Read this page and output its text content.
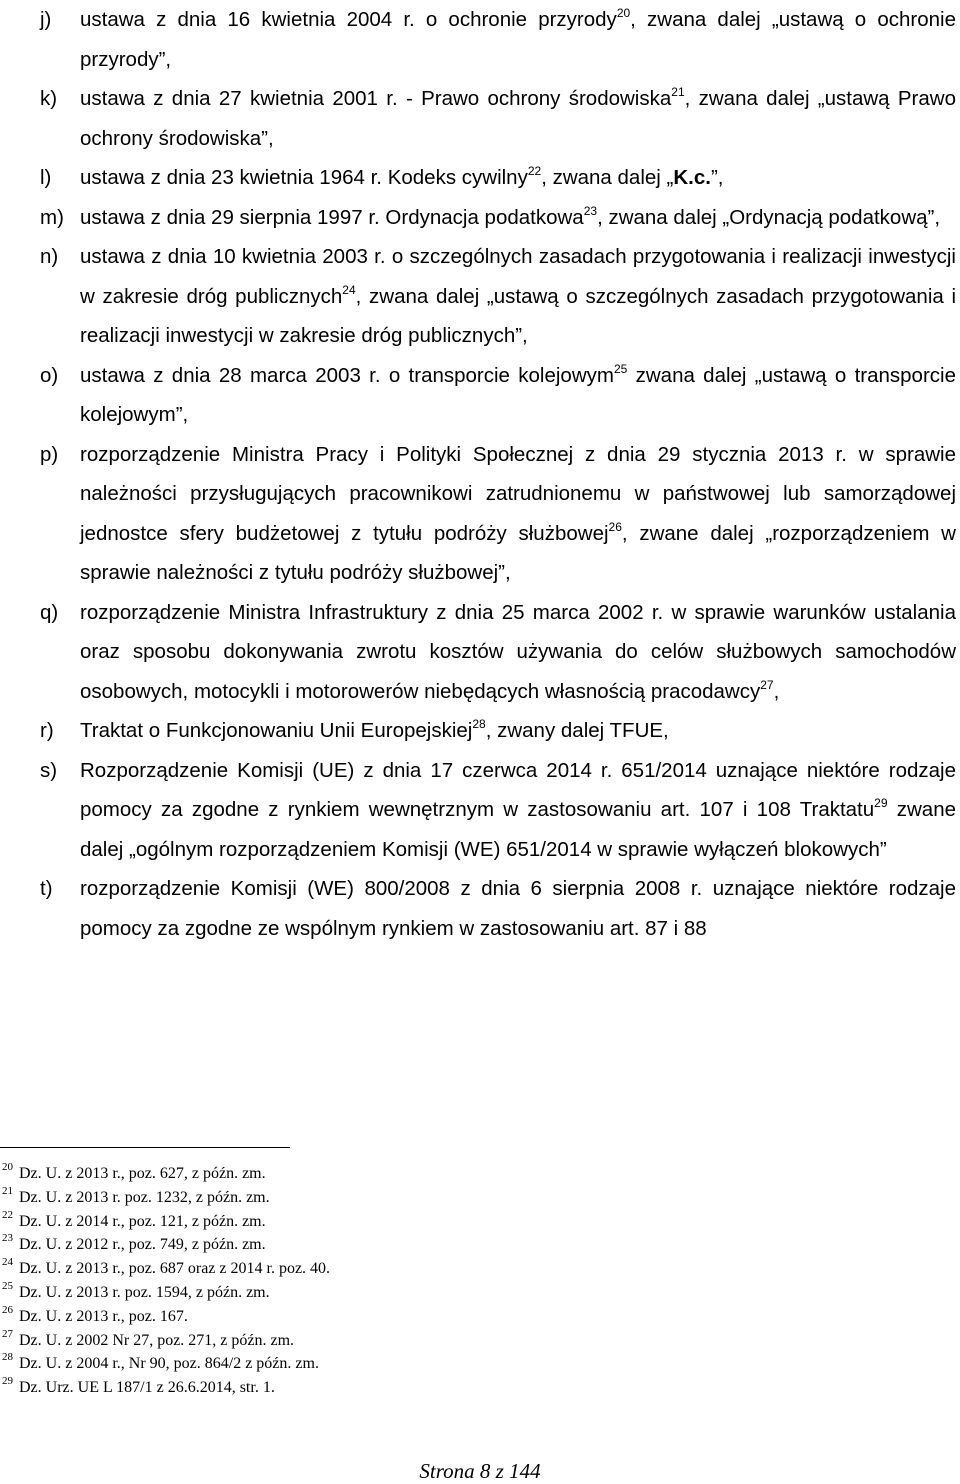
j)	ustawa z dnia 16 kwietnia 2004 r. o ochronie przyrody$^{20}$, zwana dalej „ustawą o ochronie przyrody”,
k)	ustawa z dnia 27 kwietnia 2001 r. - Prawo ochrony środowiska$^{21}$, zwana dalej „ustawą Prawo ochrony środowiska”,
l)	ustawa z dnia 23 kwietnia 1964 r. Kodeks cywilny$^{22}$, zwana dalej „K.c.”,
m) ustawa z dnia 29 sierpnia 1997 r. Ordynacja podatkowa$^{23}$, zwana dalej „Ordynacją podatkową”,
n)	ustawa z dnia 10 kwietnia 2003 r. o szczególnych zasadach przygotowania i realizacji inwestycji w zakresie dróg publicznych$^{24}$, zwana dalej „ustawą o szczególnych zasadach przygotowania i realizacji inwestycji w zakresie dróg publicznych”,
o)	ustawa z dnia 28 marca 2003 r. o transporcie kolejowym$^{25}$ zwana dalej „ustawą o transporcie kolejowym”,
p)	rozporządzenie Ministra Pracy i Polityki Społecznej z dnia 29 stycznia 2013 r. w sprawie należności przysługujących pracownikowi zatrudnionemu w państwowej lub samorządowej jednostce sfery budżetowej z tytułu podróży służbowej$^{26}$, zwane dalej „rozporządzeniem w sprawie należności z tytułu podróży służbowej”,
q)	rozporządzenie Ministra Infrastruktury z dnia 25 marca 2002 r. w sprawie warunków ustalania oraz sposobu dokonywania zwrotu kosztów używania do celów służbowych samochodów osobowych, motocykli i motorowerów niebędących własnością pracodawcy$^{27}$,
r)	Traktat o Funkcjonowaniu Unii Europejskiej$^{28}$, zwany dalej TFUE,
s)	Rozporządzenie Komisji (UE) z dnia 17 czerwca 2014 r. 651/2014 uznające niektóre rodzaje pomocy za zgodne z rynkiem wewnętrznym w zastosowaniu art. 107 i 108 Traktatu$^{29}$ zwane dalej „ogólnym rozporządzeniem Komisji (WE) 651/2014 w sprawie wyłączeń blokowych”
t)	rozporządzenie Komisji (WE) 800/2008 z dnia 6 sierpnia 2008 r. uznające niektóre rodzaje pomocy za zgodne ze wspólnym rynkiem w zastosowaniu art. 87 i 88
$^{20}$ Dz. U. z 2013 r., poz. 627, z późn. zm.
$^{21}$ Dz. U. z 2013 r. poz. 1232, z późn. zm.
$^{22}$ Dz. U. z 2014 r., poz. 121, z późn. zm.
$^{23}$ Dz. U. z 2012 r., poz. 749, z późn. zm.
$^{24}$ Dz. U. z 2013 r., poz. 687 oraz z 2014 r. poz. 40.
$^{25}$ Dz. U. z 2013 r. poz. 1594, z późn. zm.
$^{26}$ Dz. U. z 2013 r., poz. 167.
$^{27}$ Dz. U. z 2002 Nr 27, poz. 271, z późn. zm.
$^{28}$ Dz. U. z 2004 r., Nr 90, poz. 864/2 z późn. zm.
$^{29}$ Dz. Urz. UE L 187/1 z 26.6.2014, str. 1.
Strona 8 z 144
